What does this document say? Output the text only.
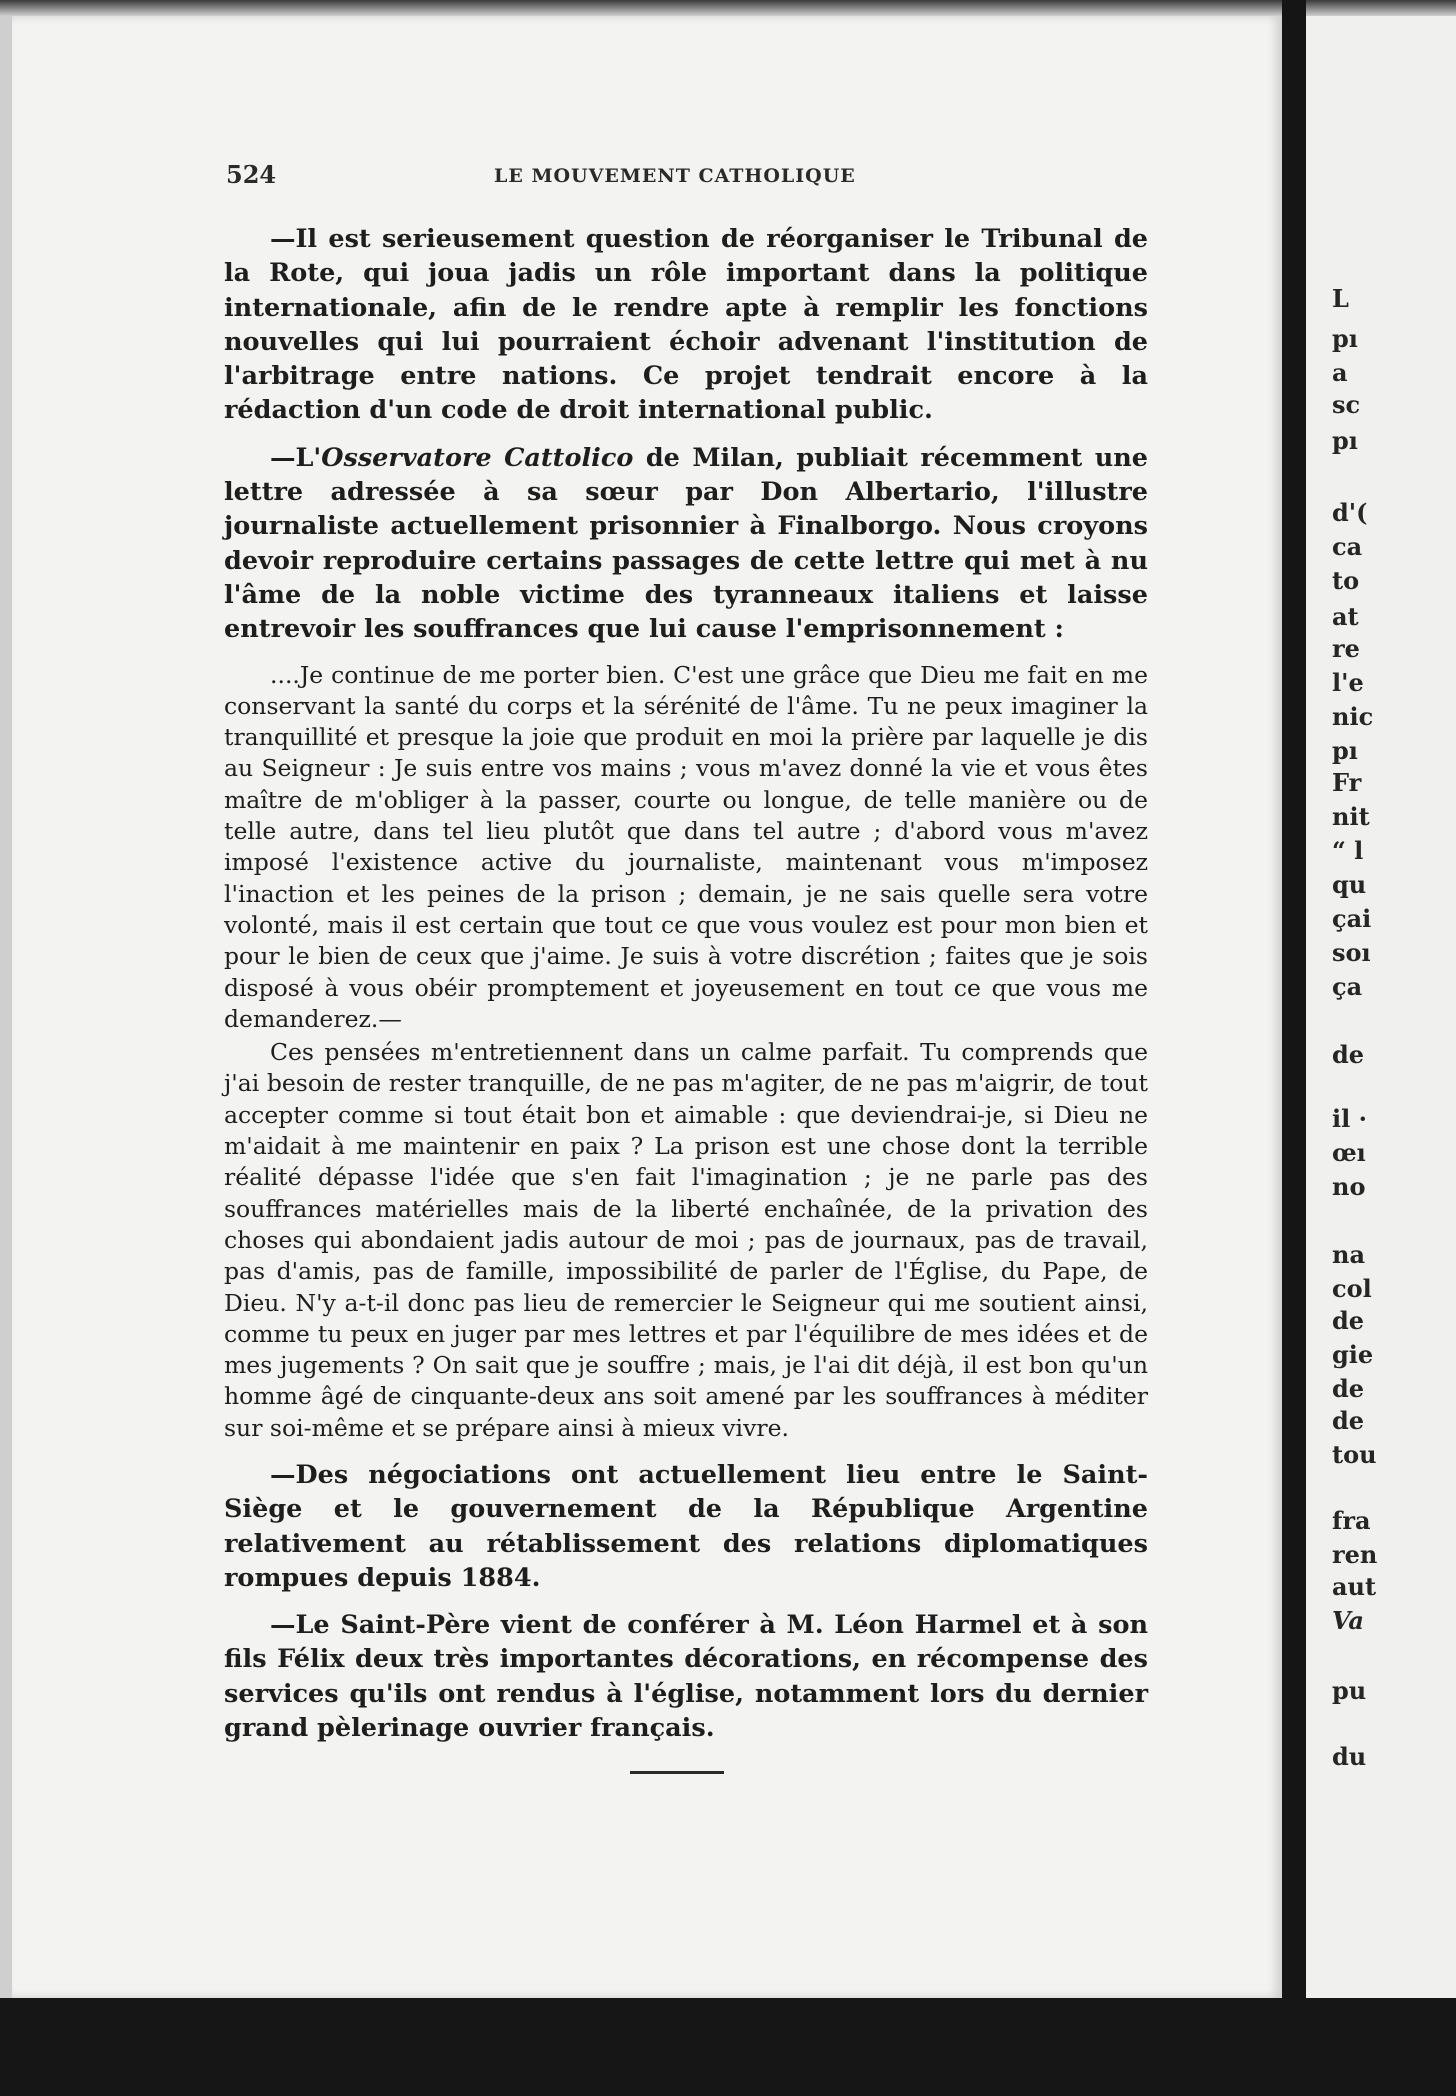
524	LE MOUVEMENT CATHOLIQUE

—Il est serieusement question de réorganiser le Tribunal de la Rote, qui joua jadis un rôle important dans la politique internationale, afin de le rendre apte à remplir les fonctions nouvelles qui lui pourraient échoir advenant l'institution de l'arbitrage entre nations. Ce projet tendrait encore à la rédaction d'un code de droit international public.

—L'Osservatore Cattolico de Milan, publiait récemment une lettre adressée à sa sœur par Don Albertario, l'illustre journaliste actuellement prisonnier à Finalborgo. Nous croyons devoir reproduire certains passages de cette lettre qui met à nu l'âme de la noble victime des tyranneaux italiens et laisse entrevoir les souffrances que lui cause l'emprisonnement :

....Je continue de me porter bien. C'est une grâce que Dieu me fait en me conservant la santé du corps et la sérénité de l'âme. Tu ne peux imaginer la tranquillité et presque la joie que produit en moi la prière par laquelle je dis au Seigneur : Je suis entre vos mains ; vous m'avez donné la vie et vous êtes maître de m'obliger à la passer, courte ou longue, de telle manière ou de telle autre, dans tel lieu plutôt que dans tel autre ; d'abord vous m'avez imposé l'existence active du journaliste, maintenant vous m'imposez l'inaction et les peines de la prison ; demain, je ne sais quelle sera votre volonté, mais il est certain que tout ce que vous voulez est pour mon bien et pour le bien de ceux que j'aime. Je suis à votre discrétion ; faites que je sois disposé à vous obéir promptement et joyeusement en tout ce que vous me demanderez.—

Ces pensées m'entretiennent dans un calme parfait. Tu comprends que j'ai besoin de rester tranquille, de ne pas m'agiter, de ne pas m'aigrir, de tout accepter comme si tout était bon et aimable : que deviendrai-je, si Dieu ne m'aidait à me maintenir en paix ? La prison est une chose dont la terrible réalité dépasse l'idée que s'en fait l'imagination ; je ne parle pas des souffrances matérielles mais de la liberté enchaînée, de la privation des choses qui abondaient jadis autour de moi ; pas de journaux, pas de travail, pas d'amis, pas de famille, impossibilité de parler de l'Église, du Pape, de Dieu. N'y a-t-il donc pas lieu de remercier le Seigneur qui me soutient ainsi, comme tu peux en juger par mes lettres et par l'équilibre de mes idées et de mes jugements ? On sait que je souffre ; mais, je l'ai dit déjà, il est bon qu'un homme âgé de cinquante-deux ans soit amené par les souffrances à méditer sur soi-même et se prépare ainsi à mieux vivre.

—Des négociations ont actuellement lieu entre le Saint-Siège et le gouvernement de la République Argentine relativement au rétablissement des relations diplomatiques rompues depuis 1884.

—Le Saint-Père vient de conférer à M. Léon Harmel et à son fils Félix deux très importantes décorations, en récompense des services qu'ils ont rendus à l'église, notamment lors du dernier grand pèlerinage ouvrier français.

L
pı
a
sc
pı
d'(
ca
to
at
re
l'e
nic
pı
Fr
nit
“ l
qu
çai
soı
ça
de
il ·
œı
no
na
col
de
gie
de
de
tou
fra
ren
aut
Va
pu
du
